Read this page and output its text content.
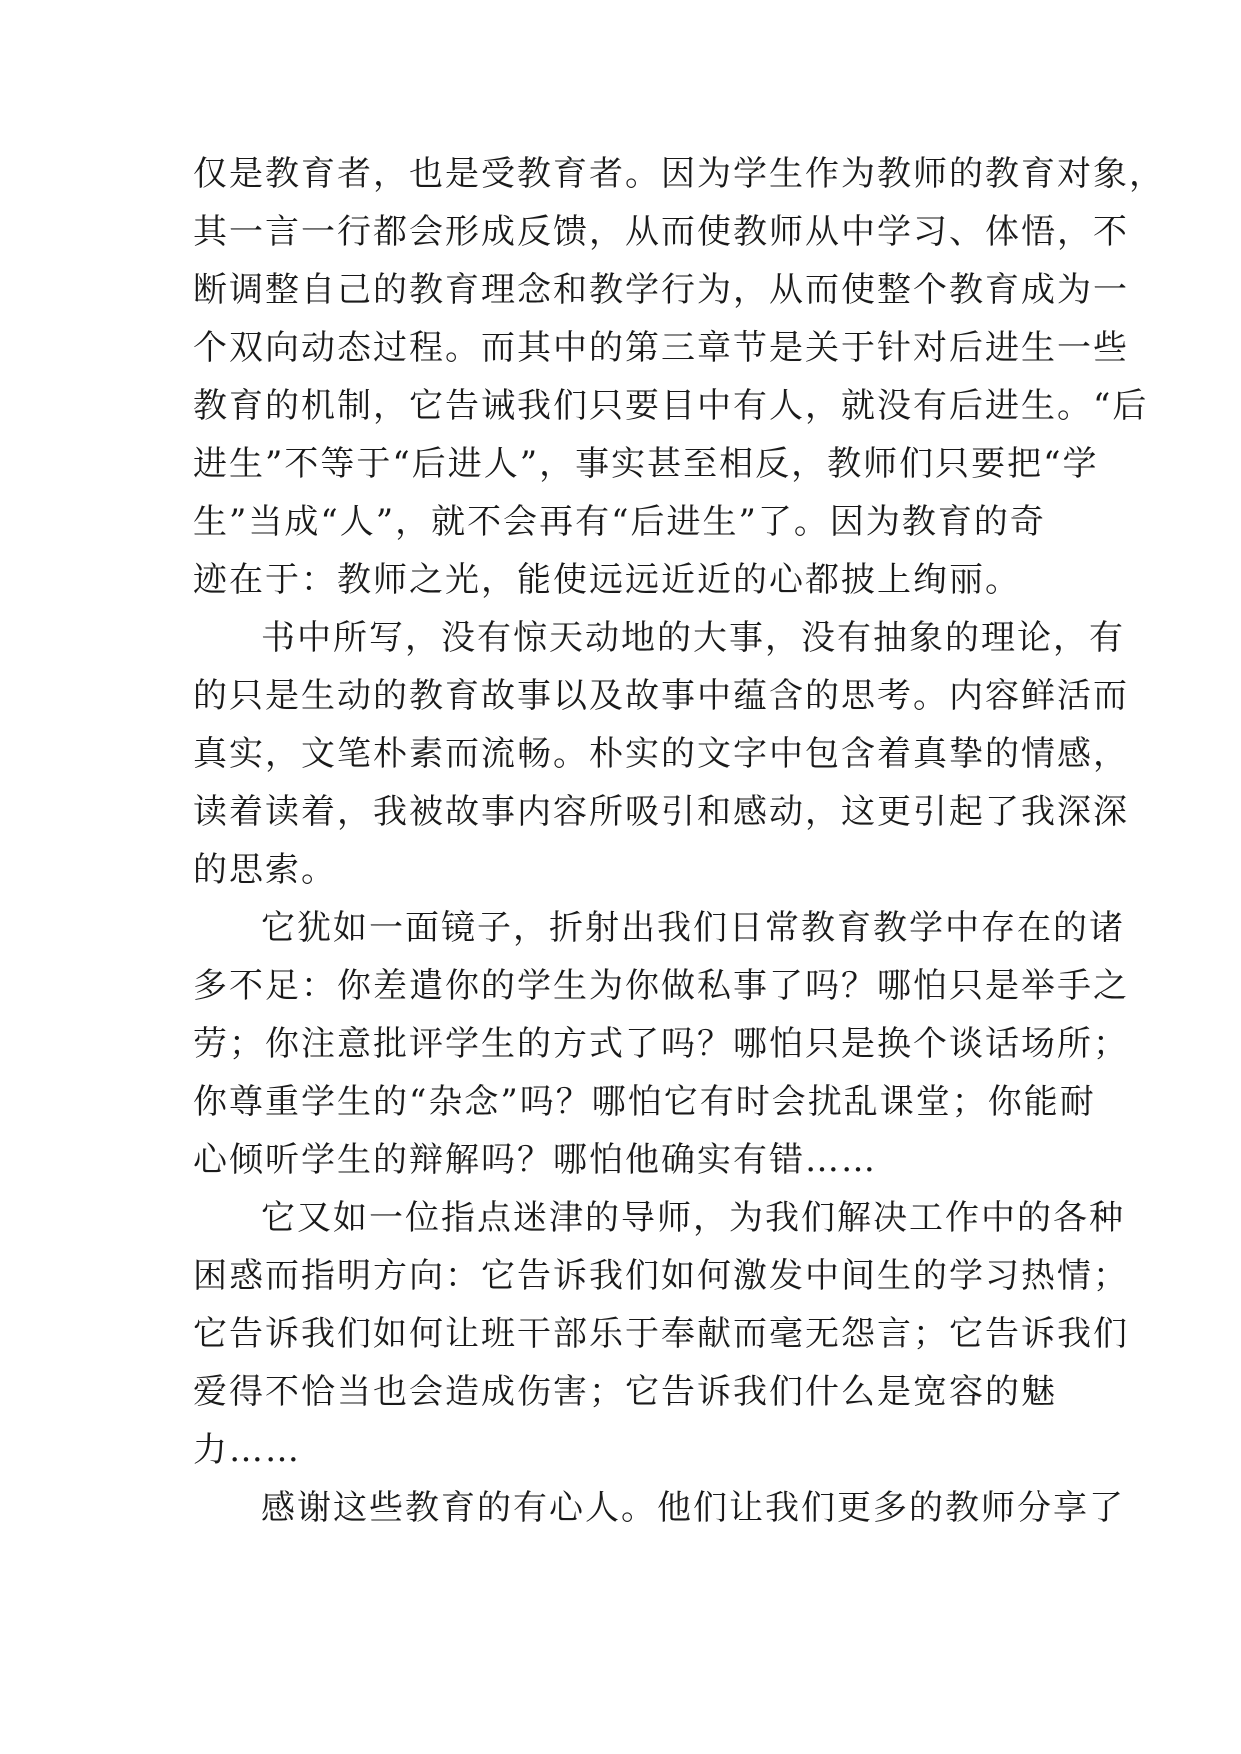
仅是教育者，也是受教育者。因为学生作为教师的教育对象，
其一言一行都会形成反馈，从而使教师从中学习、体悟，不
断调整自己的教育理念和教学行为，从而使整个教育成为一
个双向动态过程。而其中的第三章节是关于针对后进生一些
教育的机制，它告诫我们只要目中有人，就没有后进生。“后
进生”不等于“后进人”，事实甚至相反，教师们只要把“学
生”当成“人”，就不会再有“后进生”了。因为教育的奇
迹在于：教师之光，能使远远近近的心都披上绚丽。
书中所写，没有惊天动地的大事，没有抽象的理论，有
的只是生动的教育故事以及故事中蕴含的思考。内容鲜活而
真实，文笔朴素而流畅。朴实的文字中包含着真挚的情感，
读着读着，我被故事内容所吸引和感动，这更引起了我深深
的思索。
它犹如一面镜子，折射出我们日常教育教学中存在的诸
多不足：你差遣你的学生为你做私事了吗？哪怕只是举手之
劳；你注意批评学生的方式了吗？哪怕只是换个谈话场所；
你尊重学生的“杂念”吗？哪怕它有时会扰乱课堂；你能耐
心倾听学生的辩解吗？哪怕他确实有错……
它又如一位指点迷津的导师，为我们解决工作中的各种
困惑而指明方向：它告诉我们如何激发中间生的学习热情；
它告诉我们如何让班干部乐于奉献而毫无怨言；它告诉我们
爱得不恰当也会造成伤害；它告诉我们什么是宽容的魅
力……
感谢这些教育的有心人。他们让我们更多的教师分享了
